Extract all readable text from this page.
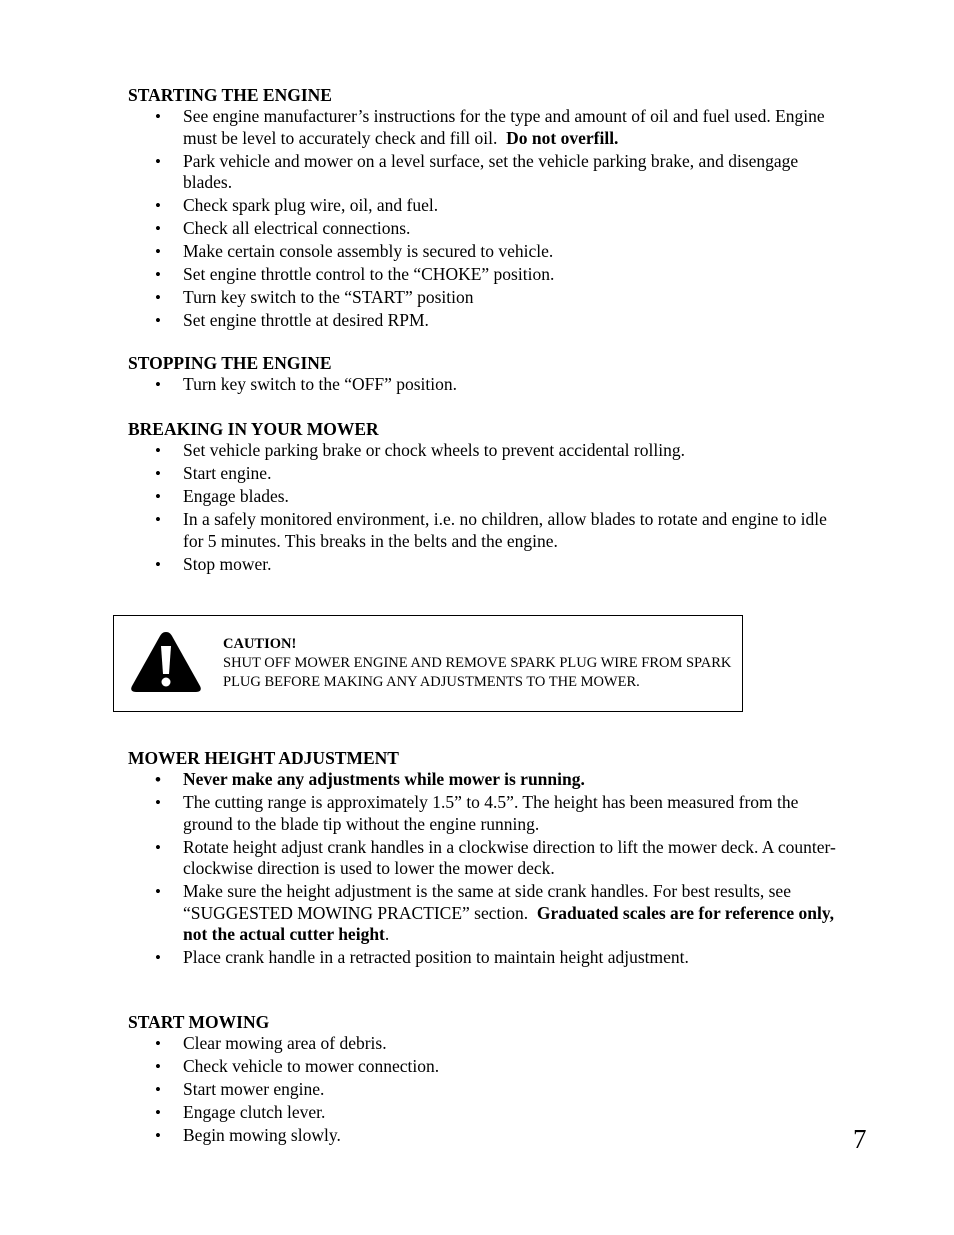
STARTING THE ENGINE

• See engine manufacturer’s instructions for the type and amount of oil and fuel used. Engine must be level to accurately check and fill oil. Do not overfill.
• Park vehicle and mower on a level surface, set the vehicle parking brake, and disengage blades.
• Check spark plug wire, oil, and fuel.
• Check all electrical connections.
• Make certain console assembly is secured to vehicle.
• Set engine throttle control to the “CHOKE” position.
• Turn key switch to the “START” position
• Set engine throttle at desired RPM.

STOPPING THE ENGINE

• Turn key switch to the “OFF” position.

BREAKING IN YOUR MOWER

• Set vehicle parking brake or chock wheels to prevent accidental rolling.
• Start engine.
• Engage blades.
• In a safely monitored environment, i.e. no children, allow blades to rotate and engine to idle for 5 minutes. This breaks in the belts and the engine.
• Stop mower.
CAUTION!
SHUT OFF MOWER ENGINE AND REMOVE SPARK PLUG WIRE FROM SPARK PLUG BEFORE MAKING ANY ADJUSTMENTS TO THE MOWER.

MOWER HEIGHT ADJUSTMENT

• Never make any adjustments while mower is running.
• The cutting range is approximately 1.5” to 4.5”. The height has been measured from the ground to the blade tip without the engine running.
• Rotate height adjust crank handles in a clockwise direction to lift the mower deck. A counter-clockwise direction is used to lower the mower deck.
• Make sure the height adjustment is the same at side crank handles. For best results, see “SUGGESTED MOWING PRACTICE” section. Graduated scales are for reference only, not the actual cutter height.
• Place crank handle in a retracted position to maintain height adjustment.

START MOWING

• Clear mowing area of debris.
• Check vehicle to mower connection.
• Start mower engine.
• Engage clutch lever.
• Begin mowing slowly.	7
